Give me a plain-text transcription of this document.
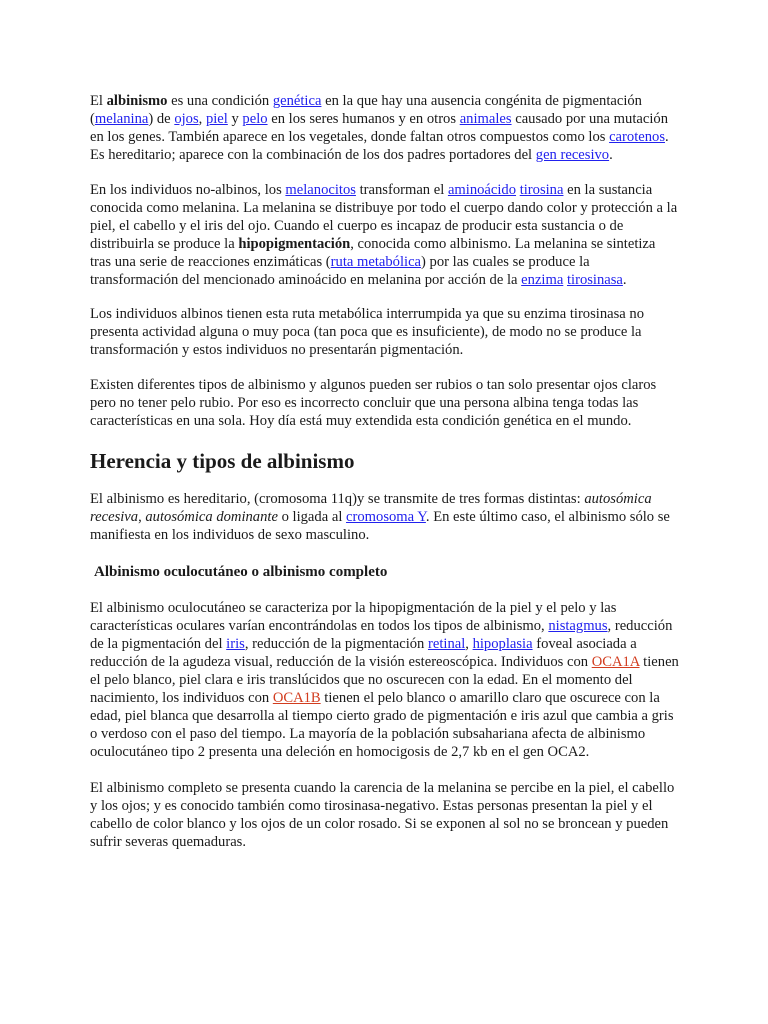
El albinismo es una condición genética en la que hay una ausencia congénita de pigmentación (melanina) de ojos, piel y pelo en los seres humanos y en otros animales causado por una mutación en los genes. También aparece en los vegetales, donde faltan otros compuestos como los carotenos. Es hereditario; aparece con la combinación de los dos padres portadores del gen recesivo.

En los individuos no-albinos, los melanocitos transforman el aminoácido tirosina en la sustancia conocida como melanina. La melanina se distribuye por todo el cuerpo dando color y protección a la piel, el cabello y el iris del ojo. Cuando el cuerpo es incapaz de producir esta sustancia o de distribuirla se produce la hipopigmentación, conocida como albinismo. La melanina se sintetiza tras una serie de reacciones enzimáticas (ruta metabólica) por las cuales se produce la transformación del mencionado aminoácido en melanina por acción de la enzima tirosinasa.

Los individuos albinos tienen esta ruta metabólica interrumpida ya que su enzima tirosinasa no presenta actividad alguna o muy poca (tan poca que es insuficiente), de modo no se produce la transformación y estos individuos no presentarán pigmentación.

Existen diferentes tipos de albinismo y algunos pueden ser rubios o tan solo presentar ojos claros pero no tener pelo rubio. Por eso es incorrecto concluir que una persona albina tenga todas las características en una sola. Hoy día está muy extendida esta condición genética en el mundo.

Herencia y tipos de albinismo

El albinismo es hereditario, (cromosoma 11q)y se transmite de tres formas distintas: autosómica recesiva, autosómica dominante o ligada al cromosoma Y. En este último caso, el albinismo sólo se manifiesta en los individuos de sexo masculino.

Albinismo oculocutáneo o albinismo completo

El albinismo oculocutáneo se caracteriza por la hipopigmentación de la piel y el pelo y las características oculares varían encontrándolas en todos los tipos de albinismo, nistagmus, reducción de la pigmentación del iris, reducción de la pigmentación retinal, hipoplasia foveal asociada a reducción de la agudeza visual, reducción de la visión estereoscópica. Individuos con OCA1A tienen el pelo blanco, piel clara e iris translúcidos que no oscurecen con la edad. En el momento del nacimiento, los individuos con OCA1B tienen el pelo blanco o amarillo claro que oscurece con la edad, piel blanca que desarrolla al tiempo cierto grado de pigmentación e iris azul que cambia a gris o verdoso con el paso del tiempo. La mayoría de la población subsahariana afecta de albinismo oculocutáneo tipo 2 presenta una deleción en homocigosis de 2,7 kb en el gen OCA2.

El albinismo completo se presenta cuando la carencia de la melanina se percibe en la piel, el cabello y los ojos; y es conocido también como tirosinasa-negativo. Estas personas presentan la piel y el cabello de color blanco y los ojos de un color rosado. Si se exponen al sol no se broncean y pueden sufrir severas quemaduras.
